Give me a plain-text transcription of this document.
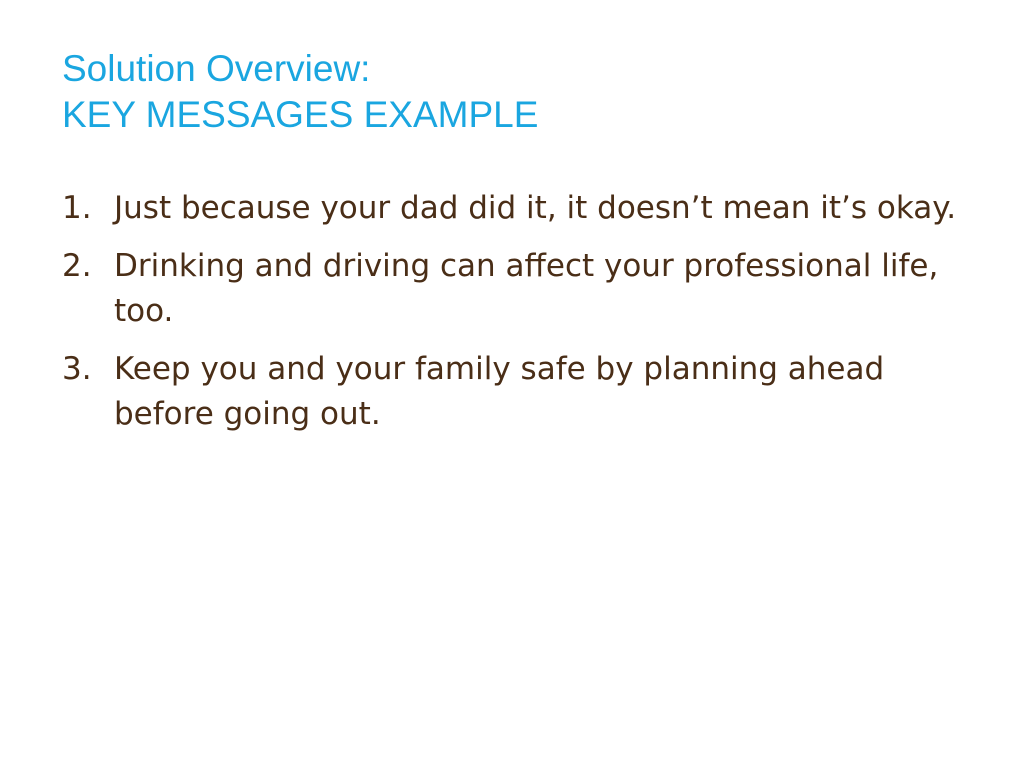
Solution Overview:
KEY MESSAGES EXAMPLE
1. Just because your dad did it, it doesn’t mean it’s okay.
2. Drinking and driving can affect your professional life, too.
3. Keep you and your family safe by planning ahead before going out.
